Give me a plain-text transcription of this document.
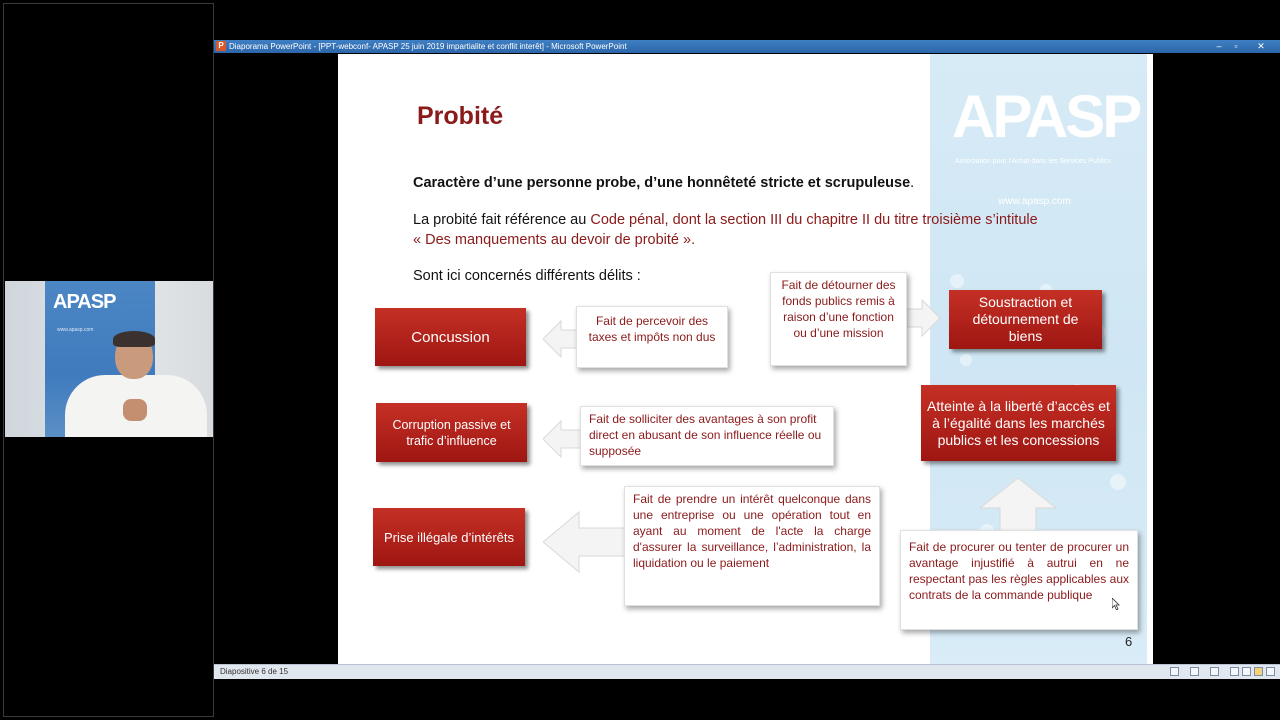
APASP
www.apasp.com
P Diaporama PowerPoint - [PPT-webconf- APASP 25 juin 2019 impartialite et conflit interêt] - Microsoft PowerPoint	–	▫	✕
APASP
Association pour l'Achat dans les Services Publics
www.apasp.com
Probité
Caractère d’une personne probe, d’une honnêteté stricte et scrupuleuse.
La probité fait référence au Code pénal, dont la section III du chapitre II du titre troisième s’intitule
« Des manquements au devoir de probité ».
Sont ici concernés différents délits :
Concussion
Corruption passive et trafic d’influence
Prise illégale d’intérêts
Soustraction et détournement de biens
Atteinte à la liberté d’accès et à l’égalité dans les marchés publics et les concessions
Fait de percevoir des taxes et impôts non dus
Fait de solliciter des avantages à son profit direct en abusant de son influence réelle ou supposée
Fait de prendre un intérêt quelconque dans une entreprise ou une opération tout en ayant au moment de l'acte la charge d'assurer la surveillance, l’administration, la liquidation ou le paiement
Fait de détourner des fonds publics remis à raison d’une fonction ou d’une mission
Fait de procurer ou tenter de procurer un avantage injustifié à autrui en ne respectant pas les règles applicables aux contrats de la commande publique
6
Diapositive 6 de 15
